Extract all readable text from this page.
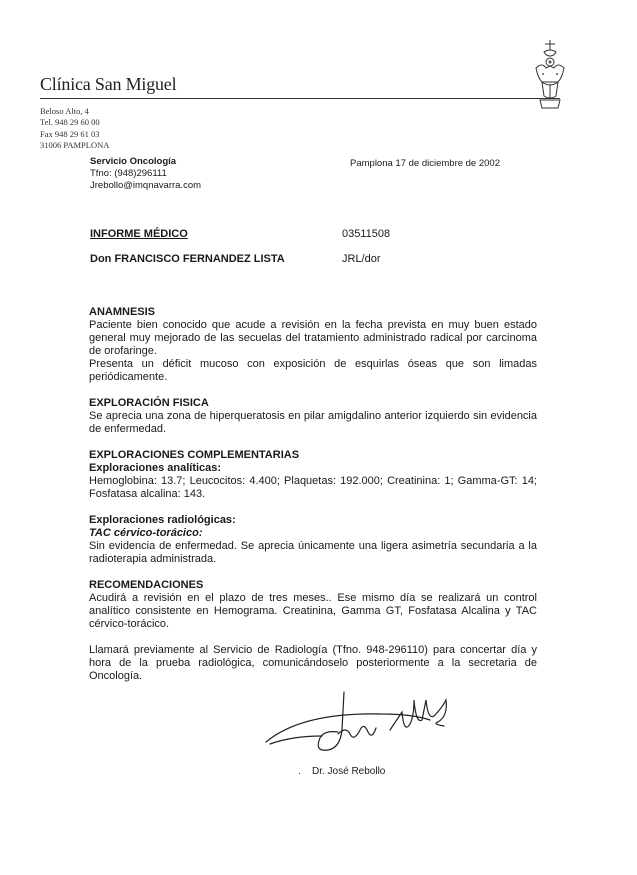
Clínica San Miguel
Beloso Alto, 4
Tel. 948 29 60 00
Fax 948 29 61 03
31006 PAMPLONA
Servicio Oncología
Tfno: (948)296111
Jrebollo@imqnavarra.com
Pamplona 17 de diciembre de 2002
INFORME MÉDICO	03511508
Don FRANCISCO FERNANDEZ LISTA	JRL/dor
ANAMNESIS

Paciente bien conocido que acude a revisión en la fecha prevista en muy buen estado general muy mejorado de las secuelas del tratamiento administrado radical por carcinoma de orofaringe.

Presenta un déficit mucoso con exposición de esquirlas óseas que son limadas periódicamente.

EXPLORACIÓN FISICA

Se aprecia una zona de hiperqueratosis en pilar amigdalino anterior izquierdo sin evidencia de enfermedad.

EXPLORACIONES COMPLEMENTARIAS
Exploraciones analíticas:

Hemoglobina: 13.7; Leucocitos: 4.400; Plaquetas: 192.000; Creatinina: 1; Gamma-GT: 14; Fosfatasa alcalina: 143.

Exploraciones radiológicas:
TAC cérvico-torácico:

Sin evidencia de enfermedad. Se aprecia únicamente una ligera asimetría secundaria a la radioterapia administrada.

RECOMENDACIONES

Acudirá a revisión en el plazo de tres meses.. Ese mismo día se realizará un control analítico consistente en Hemograma. Creatinina, Gamma GT, Fosfatasa Alcalina y TAC cérvico-torácico.

Llamará previamente al Servicio de Radiología (Tfno. 948-296110) para concertar día y hora de la prueba radiológica, comunicándoselo posteriormente a la secretaria de Oncología.

. Dr. José Rebollo
